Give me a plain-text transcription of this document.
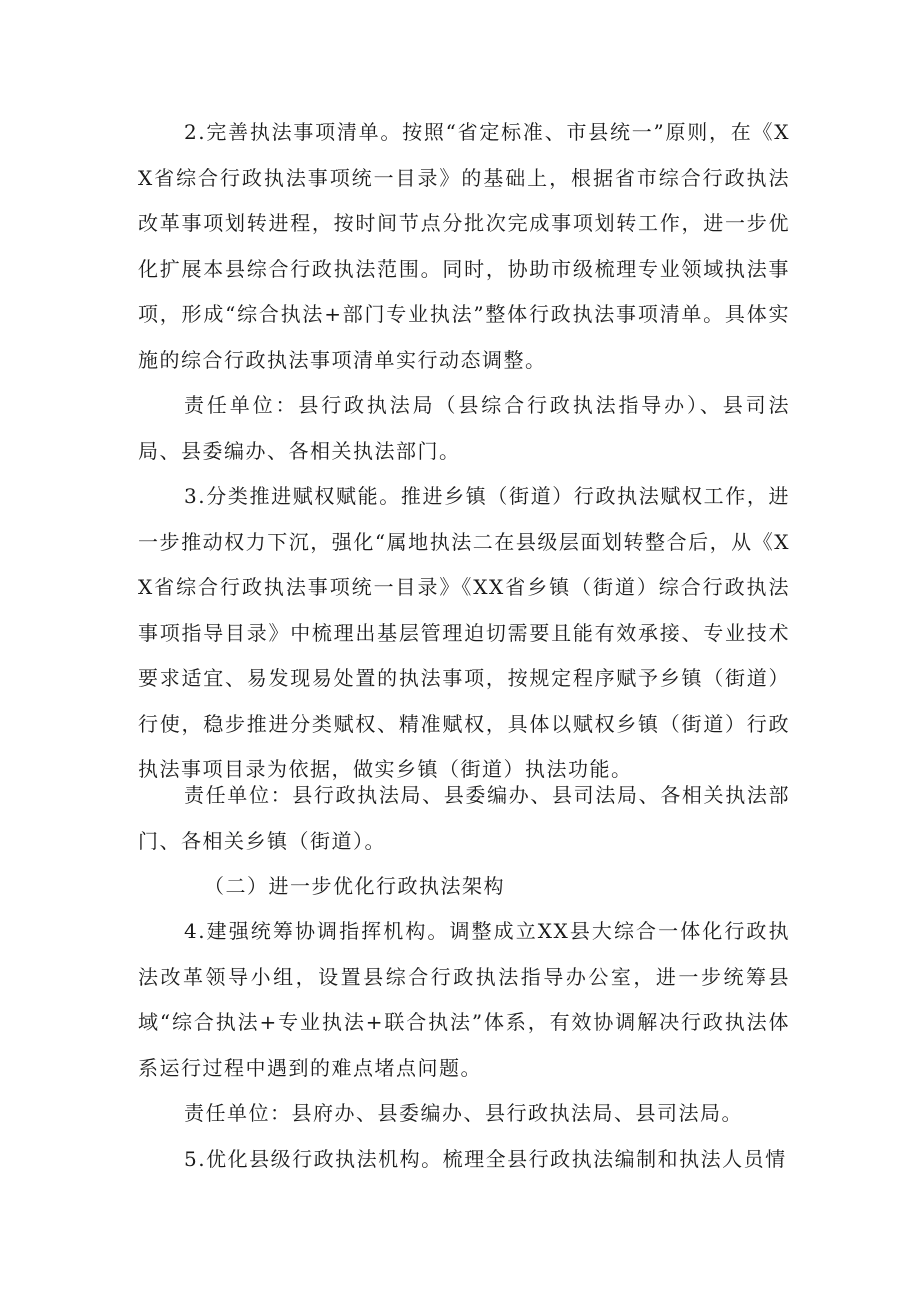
2.完善执法事项清单。按照“省定标准、市县统一”原则，在《XX省综合行政执法事项统一目录》的基础上，根据省市综合行政执法改革事项划转进程，按时间节点分批次完成事项划转工作，进一步优化扩展本县综合行政执法范围。同时，协助市级梳理专业领域执法事项，形成“综合执法+部门专业执法”整体行政执法事项清单。具体实施的综合行政执法事项清单实行动态调整。

责任单位：县行政执法局（县综合行政执法指导办）、县司法局、县委编办、各相关执法部门。

3.分类推进赋权赋能。推进乡镇（街道）行政执法赋权工作，进一步推动权力下沉，强化“属地执法二在县级层面划转整合后，从《XX省综合行政执法事项统一目录》《XX省乡镇（街道）综合行政执法事项指导目录》中梳理出基层管理迫切需要且能有效承接、专业技术要求适宜、易发现易处置的执法事项，按规定程序赋予乡镇（街道）行使，稳步推进分类赋权、精准赋权，具体以赋权乡镇（街道）行政执法事项目录为依据，做实乡镇（街道）执法功能。

责任单位：县行政执法局、县委编办、县司法局、各相关执法部门、各相关乡镇（街道）。

（二）进一步优化行政执法架构

4.建强统筹协调指挥机构。调整成立XX县大综合一体化行政执法改革领导小组，设置县综合行政执法指导办公室，进一步统筹县域“综合执法+专业执法+联合执法”体系，有效协调解决行政执法体系运行过程中遇到的难点堵点问题。

责任单位：县府办、县委编办、县行政执法局、县司法局。

5.优化县级行政执法机构。梳理全县行政执法编制和执法人员情
